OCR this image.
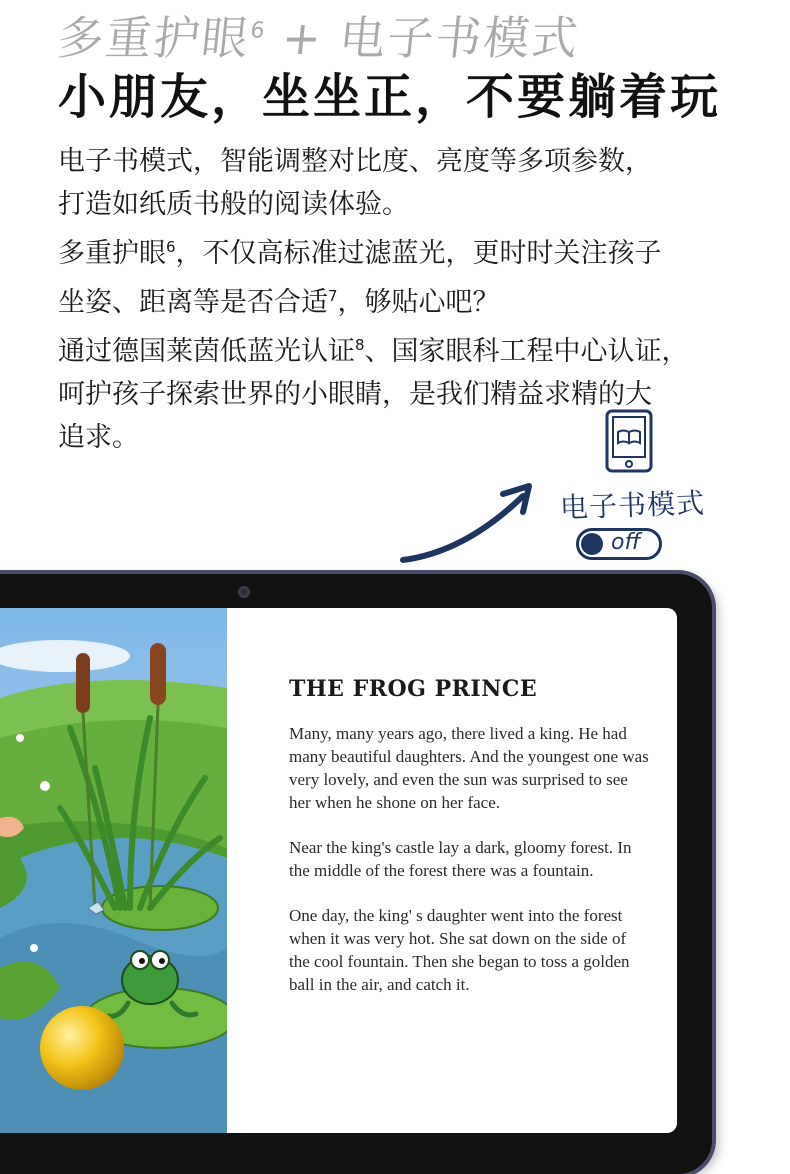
多重护眼$^6$ + 电子书模式
小朋友，坐坐正，不要躺着玩

电子书模式，智能调整对比度、亮度等多项参数，

打造如纸质书般的阅读体验。

多重护眼$^6$，不仅高标准过滤蓝光，更时时关注孩子

坐姿、距离等是否合适$^7$，够贴心吧？

通过德国莱茵低蓝光认证$^8$、国家眼科工程中心认证，

呵护孩子探索世界的小眼睛，是我们精益求精的大

追求。

电子书模式
off
THE FROG PRINCE

Many, many years ago, there lived a king. He had many beautiful daughters. And the youngest one was very lovely, and even the sun was surprised to see her when he shone on her face.

Near the king's castle lay a dark, gloomy forest. In the middle of the forest there was a fountain.

One day, the king' s daughter went into the forest when it was very hot. She sat down on the side of the cool fountain. Then she began to toss a golden ball in the air, and catch it.
